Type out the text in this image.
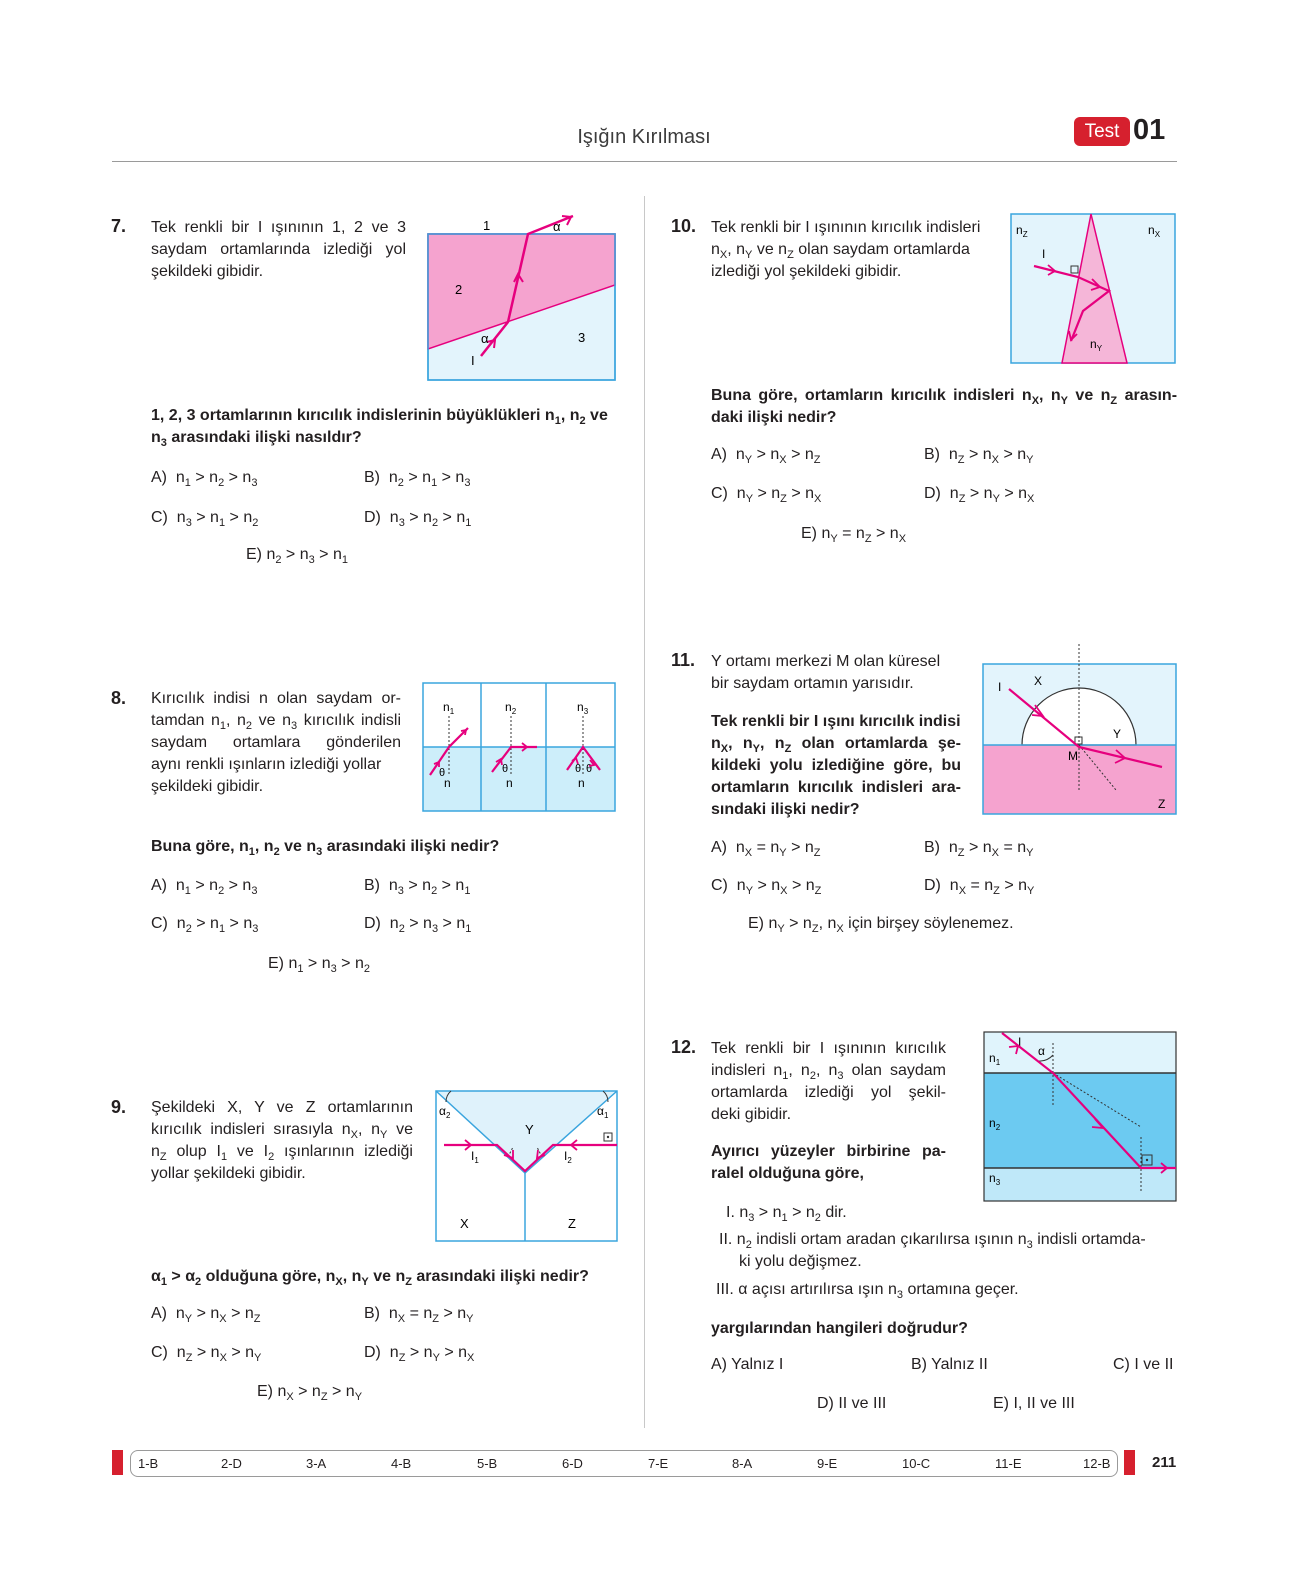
Işığın Kırılması	Test 01
7. Tek renkli bir I ışınının 1, 2 ve 3
saydam ortamlarında izlediği yol
şekildeki gibidir.
1
2
3
α
α
I
1, 2, 3 ortamlarının kırıcılık indislerinin büyüklükleri $n_1$, $n_2$ ve
$n_3$ arasındaki ilişki nasıldır?
A)  $n_1 > n_2 > n_3$	B)  $n_2 > n_1 > n_3$
C)  $n_3 > n_1 > n_2$	D)  $n_3 > n_2 > n_1$
E) $n_2 > n_3 > n_1$
8. Kırıcılık indisi n olan saydam or-
tamdan $n_1$, $n_2$ ve $n_3$ kırıcılık indisli
saydam ortamlara gönderilen
aynı renkli ışınların izlediği yollar
şekildeki gibidir.
$n_1$	$n_2$	$n_3$
n	n	n
θ	θ	θ θ
Buna göre, $n_1$, $n_2$ ve $n_3$ arasındaki ilişki nedir?
A)  $n_1 > n_2 > n_3$	B)  $n_3 > n_2 > n_1$
C)  $n_2 > n_1 > n_3$	D)  $n_2 > n_3 > n_1$
E) $n_1 > n_3 > n_2$
9. Şekildeki X, Y ve Z ortamlarının
kırıcılık indisleri sırasıyla $n_X$, $n_Y$ ve
$n_Z$ olup $I_1$ ve $I_2$ ışınlarının izlediği
yollar şekildeki gibidir.
$\alpha_2$	$\alpha_1$
Y
$I_1$	$I_2$
X	Z
$\alpha_1 > \alpha_2$ olduğuna göre, $n_X$, $n_Y$ ve $n_Z$ arasındaki ilişki nedir?
A)  $n_Y > n_X > n_Z$	B)  $n_X = n_Z > n_Y$
C)  $n_Z > n_X > n_Y$	D)  $n_Z > n_Y > n_X$
E) $n_X > n_Z > n_Y$
10. Tek renkli bir I ışınının kırıcılık indisleri
$n_X$, $n_Y$ ve $n_Z$ olan saydam ortamlarda
izlediği yol şekildeki gibidir.
$n_Z$	$n_X$
I
$n_Y$
Buna göre, ortamların kırıcılık indisleri $n_X$, $n_Y$ ve $n_Z$ arasın-
daki ilişki nedir?
A)  $n_Y > n_X > n_Z$	B)  $n_Z > n_X > n_Y$
C)  $n_Y > n_Z > n_X$	D)  $n_Z > n_Y > n_X$
E) $n_Y = n_Z > n_X$
11. Y ortamı merkezi M olan küresel
bir saydam ortamın yarısıdır.
Tek renkli bir I ışını kırıcılık indisi
$n_X$, $n_Y$, $n_Z$ olan ortamlarda şe-
kildeki yolu izlediğine göre, bu
ortamların kırıcılık indisleri ara-
sındaki ilişki nedir?
I	X
Y
M
Z
A)  $n_X = n_Y > n_Z$	B)  $n_Z > n_X = n_Y$
C)  $n_Y > n_X > n_Z$	D)  $n_X = n_Z > n_Y$
E) $n_Y > n_Z$, $n_X$ için birşey söylenemez.
12. Tek renkli bir I ışınının kırıcılık
indisleri $n_1$, $n_2$, $n_3$ olan saydam
ortamlarda izlediği yol şekil-
deki gibidir.
Ayırıcı yüzeyler birbirine pa-
ralel olduğuna göre,
$n_1$
$n_2$
$n_3$
I
α
I. $n_3 > n_1 > n_2$ dir.
II. $n_2$ indisli ortam aradan çıkarılırsa ışının $n_3$ indisli ortamda-
ki yolu değişmez.
III. α açısı artırılırsa ışın $n_3$ ortamına geçer.
yargılarından hangileri doğrudur?
A) Yalnız I	B) Yalnız II	C) I ve II
D) II ve III	E) I, II ve III
211
1-B	2-D	3-A	4-B	5-B	6-D	7-E	8-A	9-E	10-C	11-E	12-B
